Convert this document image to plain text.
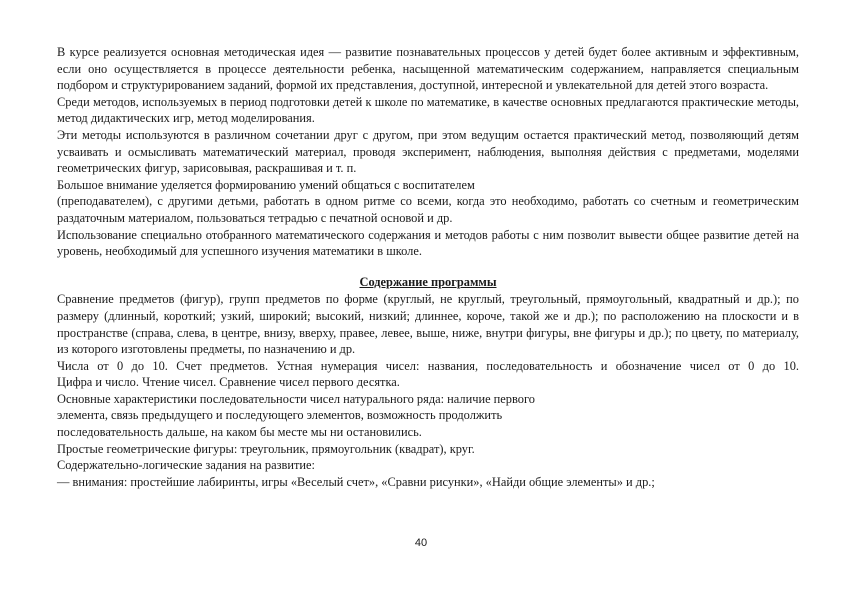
В курсе реализуется основная методическая идея — развитие познавательных процессов у детей будет более активным и эффективным, если оно осуществляется в процессе деятельности ребенка, насыщенной математическим содержанием, направляется специальным подбором и структурированием заданий, формой их представления, доступной, интересной и увлекательной для детей этого возраста.

Среди методов, используемых в период подготовки детей к школе по математике, в качестве основных предлагаются практические методы, метод дидактических игр, метод моделирования.

Эти методы используются в различном сочетании друг с другом, при этом ведущим остается практический метод, позволяющий детям усваивать и осмысливать математический материал, проводя эксперимент, наблюдения, выполняя действия с предметами, моделями геометрических фигур, зарисовывая, раскрашивая и т. п.

Большое внимание уделяется формированию умений общаться с воспитателем

(преподавателем), с другими детьми, работать в одном ритме со всеми, когда это необходимо, работать со счетным и геометрическим раздаточным материалом, пользоваться тетрадью с печатной основой и др.

Использование специально отобранного математического содержания и методов работы с ним позволит вывести общее развитие детей на уровень, необходимый для успешного изучения математики в школе.

Содержание программы

Сравнение предметов (фигур), групп предметов по форме (круглый, не круглый, треугольный, прямоугольный, квадратный и др.); по размеру (длинный, короткий; узкий, широкий; высокий, низкий; длиннее, короче, такой же и др.); по расположению на плоскости и в пространстве (справа, слева, в центре, внизу, вверху, правее, левее, выше, ниже, внутри фигуры, вне фигуры и др.); по цвету, по материалу, из которого изготовлены предметы, по назначению и др.

Числа от 0 до 10. Счет предметов. Устная нумерация чисел: названия, последовательность и обозначение чисел от 0 до 10.

Цифра и число. Чтение чисел. Сравнение чисел первого десятка.

Основные характеристики последовательности чисел натурального ряда: наличие первого

элемента, связь предыдущего и последующего элементов, возможность продолжить

последовательность дальше, на каком бы месте мы ни остановились.

Простые геометрические фигуры: треугольник, прямоугольник (квадрат), круг.

Содержательно-логические задания на развитие:

— внимания: простейшие лабиринты, игры «Веселый счет», «Сравни рисунки», «Найди общие элементы» и др.;

40
